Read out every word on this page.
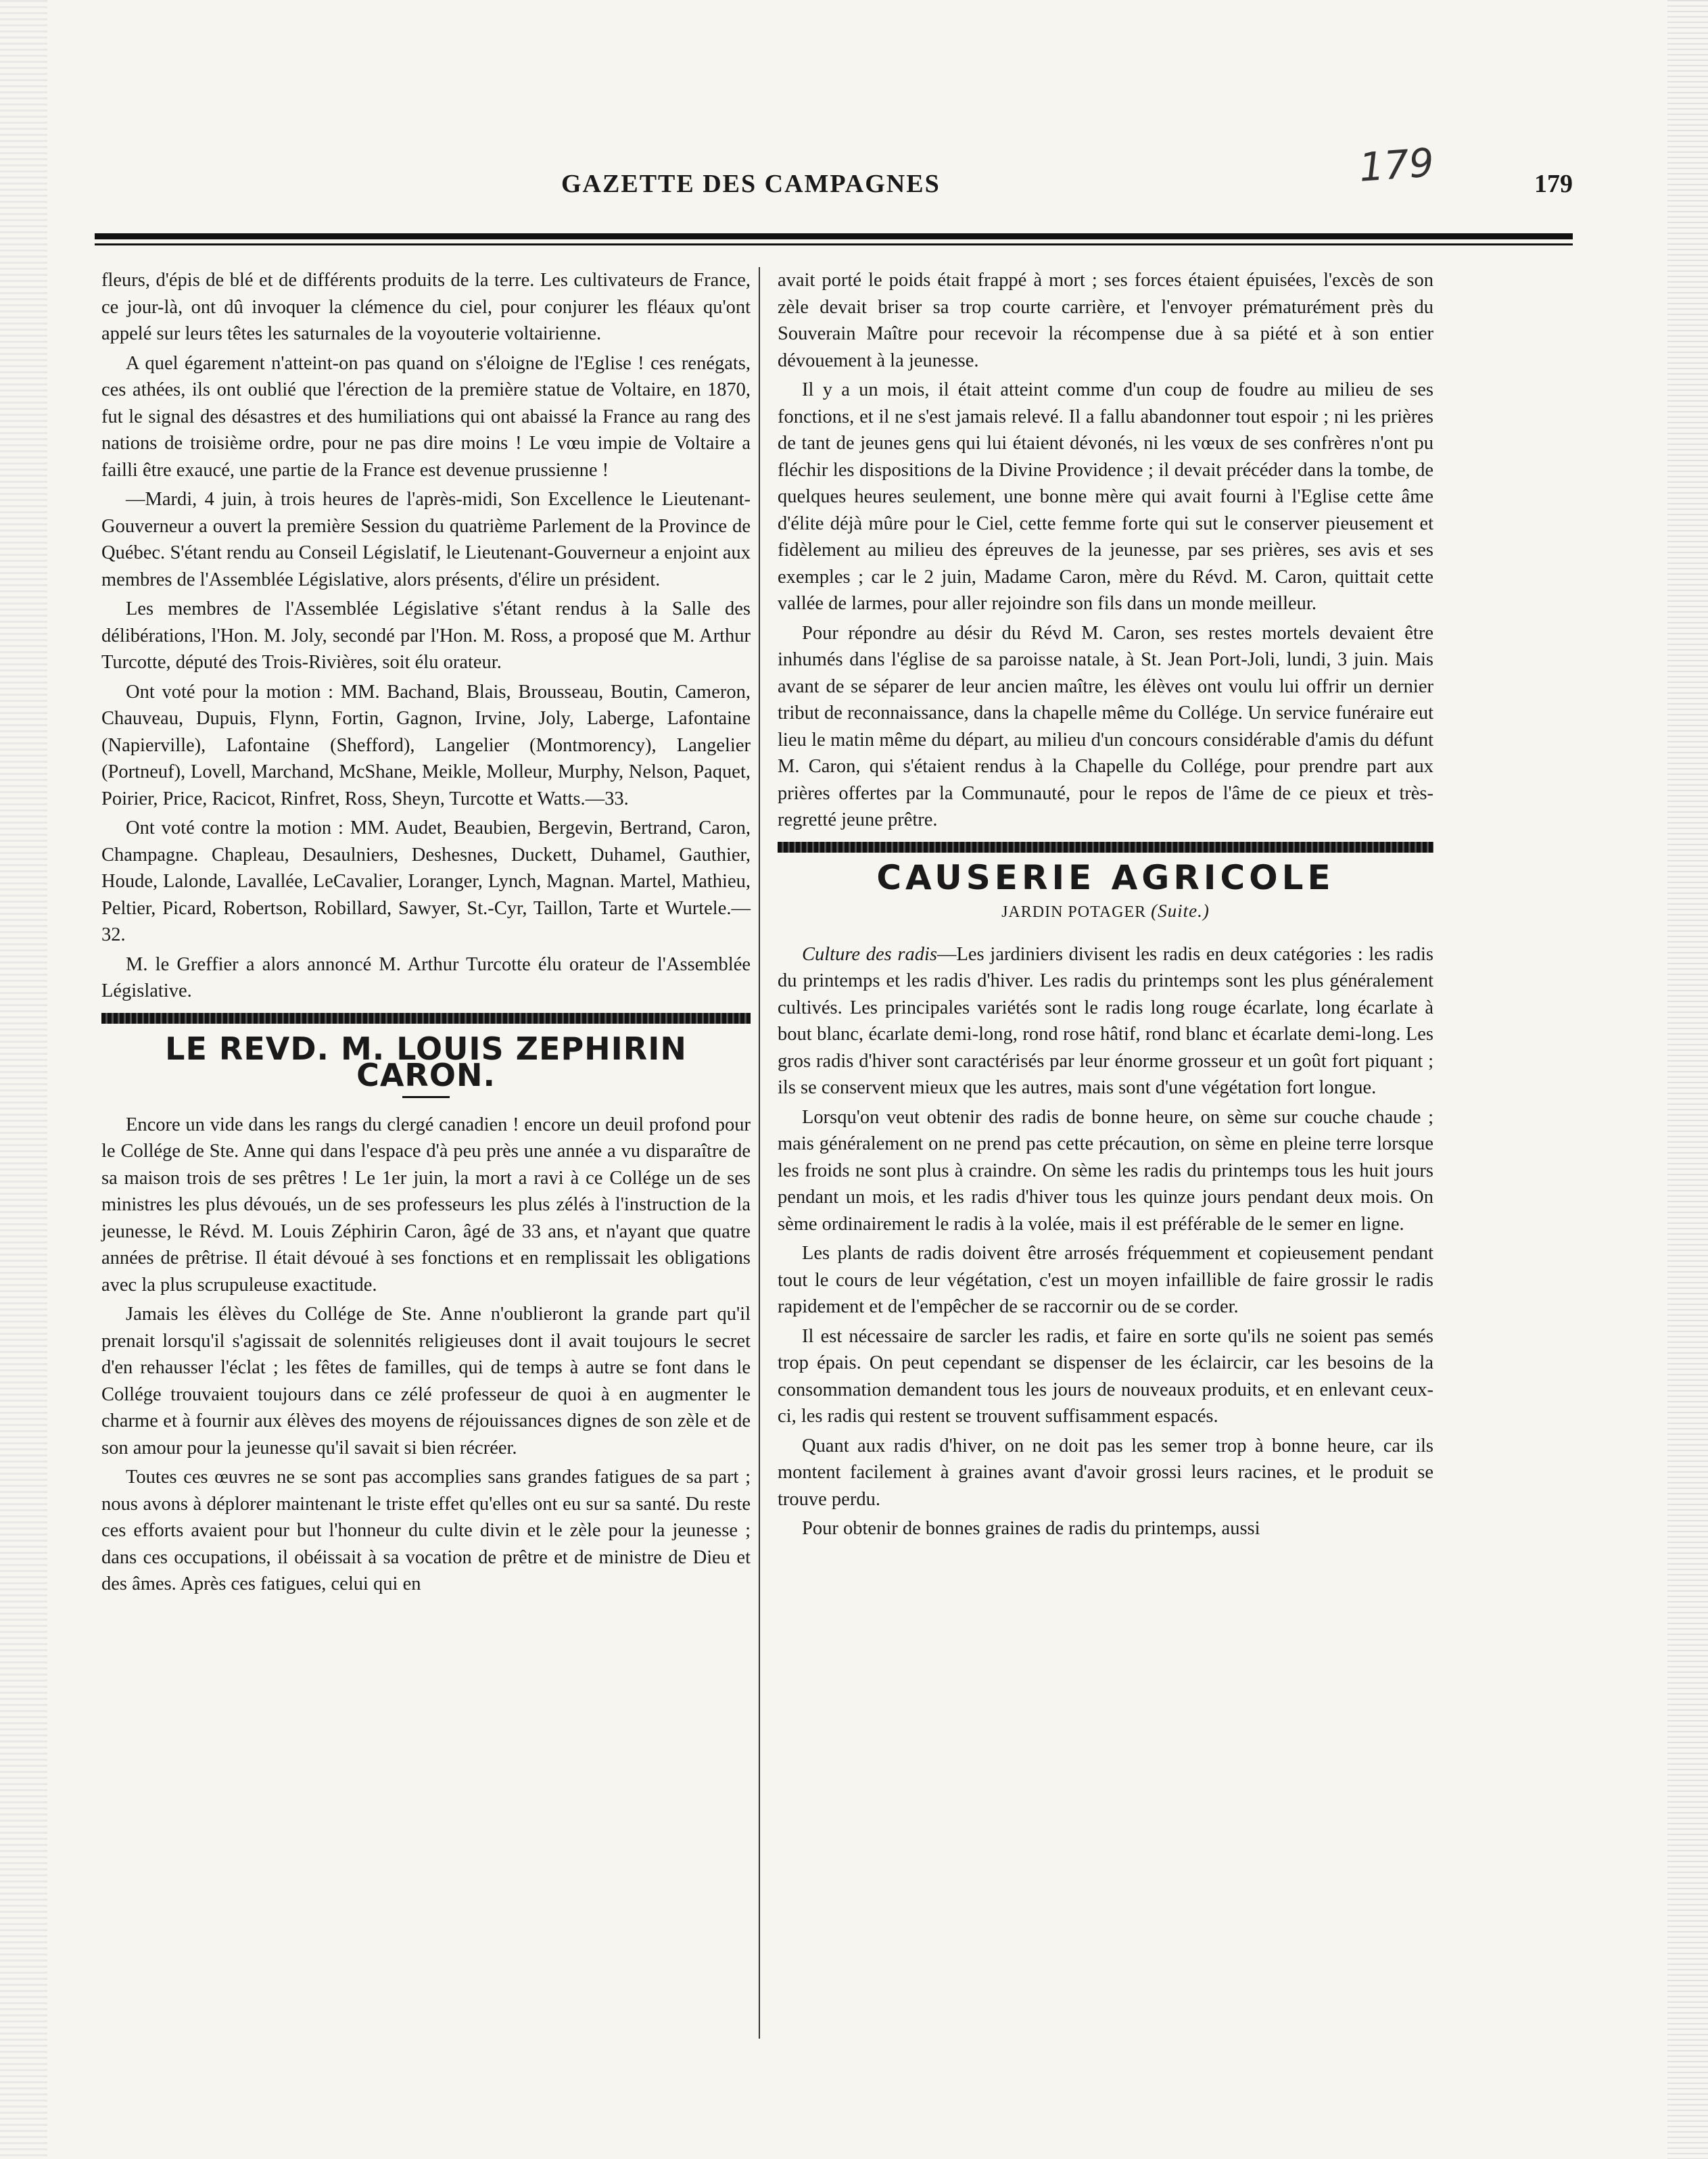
179
GAZETTE DES CAMPAGNES	179

fleurs, d'épis de blé et de différents produits de la terre. Les cultivateurs de France, ce jour-là, ont dû invoquer la clémence du ciel, pour conjurer les fléaux qu'ont appelé sur leurs têtes les saturnales de la voyouterie voltairienne.

A quel égarement n'atteint-on pas quand on s'éloigne de l'Eglise ! ces renégats, ces athées, ils ont oublié que l'érection de la première statue de Voltaire, en 1870, fut le signal des désastres et des humiliations qui ont abaissé la France au rang des nations de troisième ordre, pour ne pas dire moins ! Le vœu impie de Voltaire a failli être exaucé, une partie de la France est devenue prussienne !

—Mardi, 4 juin, à trois heures de l'après-midi, Son Excellence le Lieutenant-Gouverneur a ouvert la première Session du quatrième Parlement de la Province de Québec. S'étant rendu au Conseil Législatif, le Lieutenant-Gouverneur a enjoint aux membres de l'Assemblée Législative, alors présents, d'élire un président.

Les membres de l'Assemblée Législative s'étant rendus à la Salle des délibérations, l'Hon. M. Joly, secondé par l'Hon. M. Ross, a proposé que M. Arthur Turcotte, député des Trois-Rivières, soit élu orateur.

Ont voté pour la motion : MM. Bachand, Blais, Brousseau, Boutin, Cameron, Chauveau, Dupuis, Flynn, Fortin, Gagnon, Irvine, Joly, Laberge, Lafontaine (Napierville), Lafontaine (Shefford), Langelier (Montmorency), Langelier (Portneuf), Lovell, Marchand, McShane, Meikle, Molleur, Murphy, Nelson, Paquet, Poirier, Price, Racicot, Rinfret, Ross, Sheyn, Turcotte et Watts.—33.

Ont voté contre la motion : MM. Audet, Beaubien, Bergevin, Bertrand, Caron, Champagne. Chapleau, Desaulniers, Deshesnes, Duckett, Duhamel, Gauthier, Houde, Lalonde, Lavallée, LeCavalier, Loranger, Lynch, Magnan. Martel, Mathieu, Peltier, Picard, Robertson, Robillard, Sawyer, St.-Cyr, Taillon, Tarte et Wurtele.—32.

M. le Greffier a alors annoncé M. Arthur Turcotte élu orateur de l'Assemblée Législative.

LE REVD. M. LOUIS ZEPHIRIN CARON.

Encore un vide dans les rangs du clergé canadien ! encore un deuil profond pour le Collége de Ste. Anne qui dans l'espace d'à peu près une année a vu disparaître de sa maison trois de ses prêtres ! Le 1er juin, la mort a ravi à ce Collége un de ses ministres les plus dévoués, un de ses professeurs les plus zélés à l'instruction de la jeunesse, le Révd. M. Louis Zéphirin Caron, âgé de 33 ans, et n'ayant que quatre années de prêtrise. Il était dévoué à ses fonctions et en remplissait les obligations avec la plus scrupuleuse exactitude.

Jamais les élèves du Collége de Ste. Anne n'oublieront la grande part qu'il prenait lorsqu'il s'agissait de solennités religieuses dont il avait toujours le secret d'en rehausser l'éclat ; les fêtes de familles, qui de temps à autre se font dans le Collége trouvaient toujours dans ce zélé professeur de quoi à en augmenter le charme et à fournir aux élèves des moyens de réjouissances dignes de son zèle et de son amour pour la jeunesse qu'il savait si bien récréer.

Toutes ces œuvres ne se sont pas accomplies sans grandes fatigues de sa part ; nous avons à déplorer maintenant le triste effet qu'elles ont eu sur sa santé. Du reste ces efforts avaient pour but l'honneur du culte divin et le zèle pour la jeunesse ; dans ces occupations, il obéissait à sa vocation de prêtre et de ministre de Dieu et des âmes. Après ces fatigues, celui qui en

avait porté le poids était frappé à mort ; ses forces étaient épuisées, l'excès de son zèle devait briser sa trop courte carrière, et l'envoyer prématurément près du Souverain Maître pour recevoir la récompense due à sa piété et à son entier dévouement à la jeunesse.

Il y a un mois, il était atteint comme d'un coup de foudre au milieu de ses fonctions, et il ne s'est jamais relevé. Il a fallu abandonner tout espoir ; ni les prières de tant de jeunes gens qui lui étaient dévonés, ni les vœux de ses confrères n'ont pu fléchir les dispositions de la Divine Providence ; il devait précéder dans la tombe, de quelques heures seulement, une bonne mère qui avait fourni à l'Eglise cette âme d'élite déjà mûre pour le Ciel, cette femme forte qui sut le conserver pieusement et fidèlement au milieu des épreuves de la jeunesse, par ses prières, ses avis et ses exemples ; car le 2 juin, Madame Caron, mère du Révd. M. Caron, quittait cette vallée de larmes, pour aller rejoindre son fils dans un monde meilleur.

Pour répondre au désir du Révd M. Caron, ses restes mortels devaient être inhumés dans l'église de sa paroisse natale, à St. Jean Port-Joli, lundi, 3 juin. Mais avant de se séparer de leur ancien maître, les élèves ont voulu lui offrir un dernier tribut de reconnaissance, dans la chapelle même du Collége. Un service funéraire eut lieu le matin même du départ, au milieu d'un concours considérable d'amis du défunt M. Caron, qui s'étaient rendus à la Chapelle du Collége, pour prendre part aux prières offertes par la Communauté, pour le repos de l'âme de ce pieux et très-regretté jeune prêtre.

CAUSERIE AGRICOLE
JARDIN POTAGER (Suite.)

Culture des radis—Les jardiniers divisent les radis en deux catégories : les radis du printemps et les radis d'hiver. Les radis du printemps sont les plus généralement cultivés. Les principales variétés sont le radis long rouge écarlate, long écarlate à bout blanc, écarlate demi-long, rond rose hâtif, rond blanc et écarlate demi-long. Les gros radis d'hiver sont caractérisés par leur énorme grosseur et un goût fort piquant ; ils se conservent mieux que les autres, mais sont d'une végétation fort longue.

Lorsqu'on veut obtenir des radis de bonne heure, on sème sur couche chaude ; mais généralement on ne prend pas cette précaution, on sème en pleine terre lorsque les froids ne sont plus à craindre. On sème les radis du printemps tous les huit jours pendant un mois, et les radis d'hiver tous les quinze jours pendant deux mois. On sème ordinairement le radis à la volée, mais il est préférable de le semer en ligne.

Les plants de radis doivent être arrosés fréquemment et copieusement pendant tout le cours de leur végétation, c'est un moyen infaillible de faire grossir le radis rapidement et de l'empêcher de se raccornir ou de se corder.

Il est nécessaire de sarcler les radis, et faire en sorte qu'ils ne soient pas semés trop épais. On peut cependant se dispenser de les éclaircir, car les besoins de la consommation demandent tous les jours de nouveaux produits, et en enlevant ceux-ci, les radis qui restent se trouvent suffisamment espacés.

Quant aux radis d'hiver, on ne doit pas les semer trop à bonne heure, car ils montent facilement à graines avant d'avoir grossi leurs racines, et le produit se trouve perdu.

Pour obtenir de bonnes graines de radis du printemps, aussi
